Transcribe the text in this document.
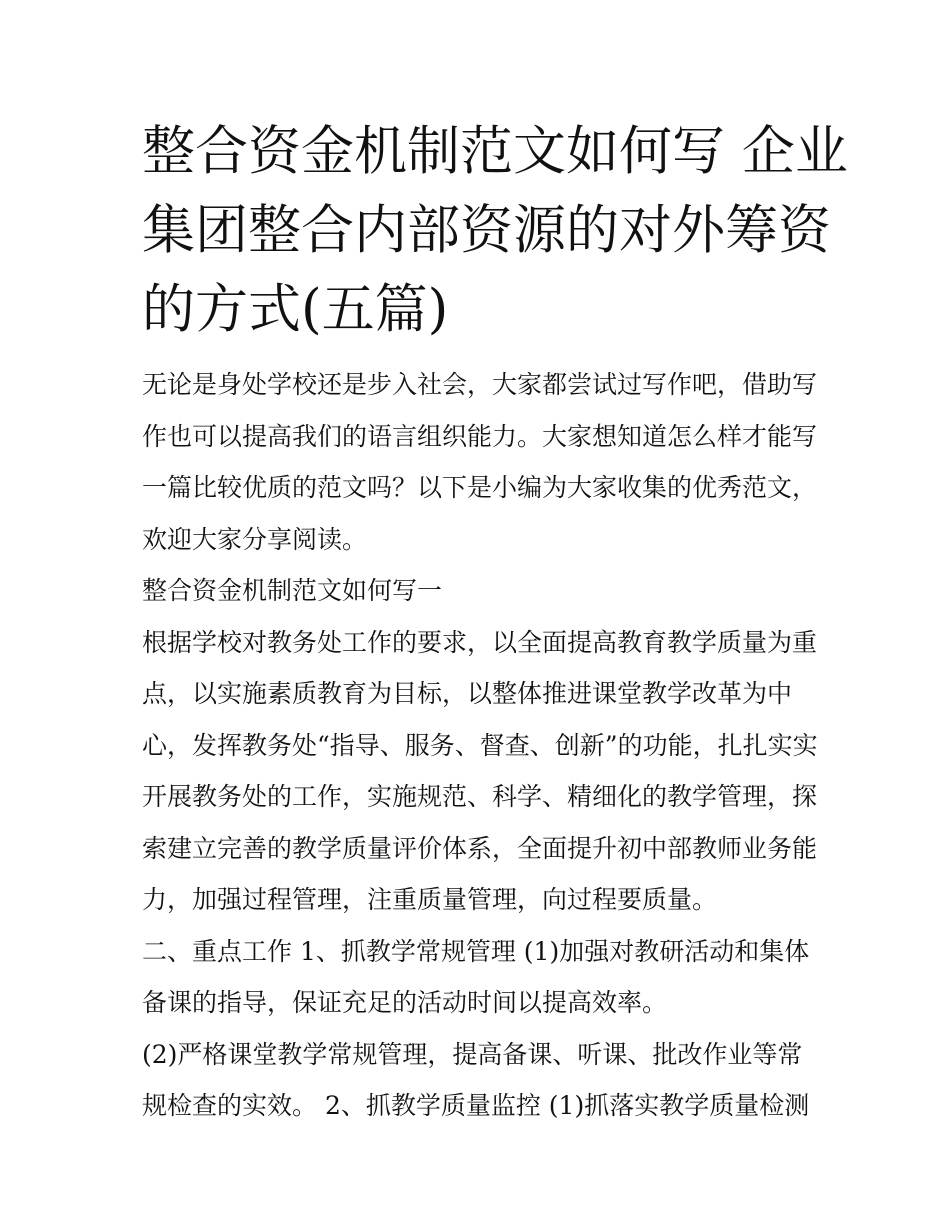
整合资金机制范文如何写 企业
集团整合内部资源的对外筹资
的方式(五篇)
无论是身处学校还是步入社会，大家都尝试过写作吧，借助写
作也可以提高我们的语言组织能力。大家想知道怎么样才能写
一篇比较优质的范文吗？以下是小编为大家收集的优秀范文，
欢迎大家分享阅读。
整合资金机制范文如何写一
根据学校对教务处工作的要求，以全面提高教育教学质量为重
点，以实施素质教育为目标，以整体推进课堂教学改革为中
心，发挥教务处“指导、服务、督查、创新”的功能，扎扎实实
开展教务处的工作，实施规范、科学、精细化的教学管理，探
索建立完善的教学质量评价体系，全面提升初中部教师业务能
力，加强过程管理，注重质量管理，向过程要质量。
二、重点工作 1、抓教学常规管理 (1)加强对教研活动和集体
备课的指导，保证充足的活动时间以提高效率。
(2)严格课堂教学常规管理，提高备课、听课、批改作业等常
规检查的实效。 2、抓教学质量监控 (1)抓落实教学质量检测
